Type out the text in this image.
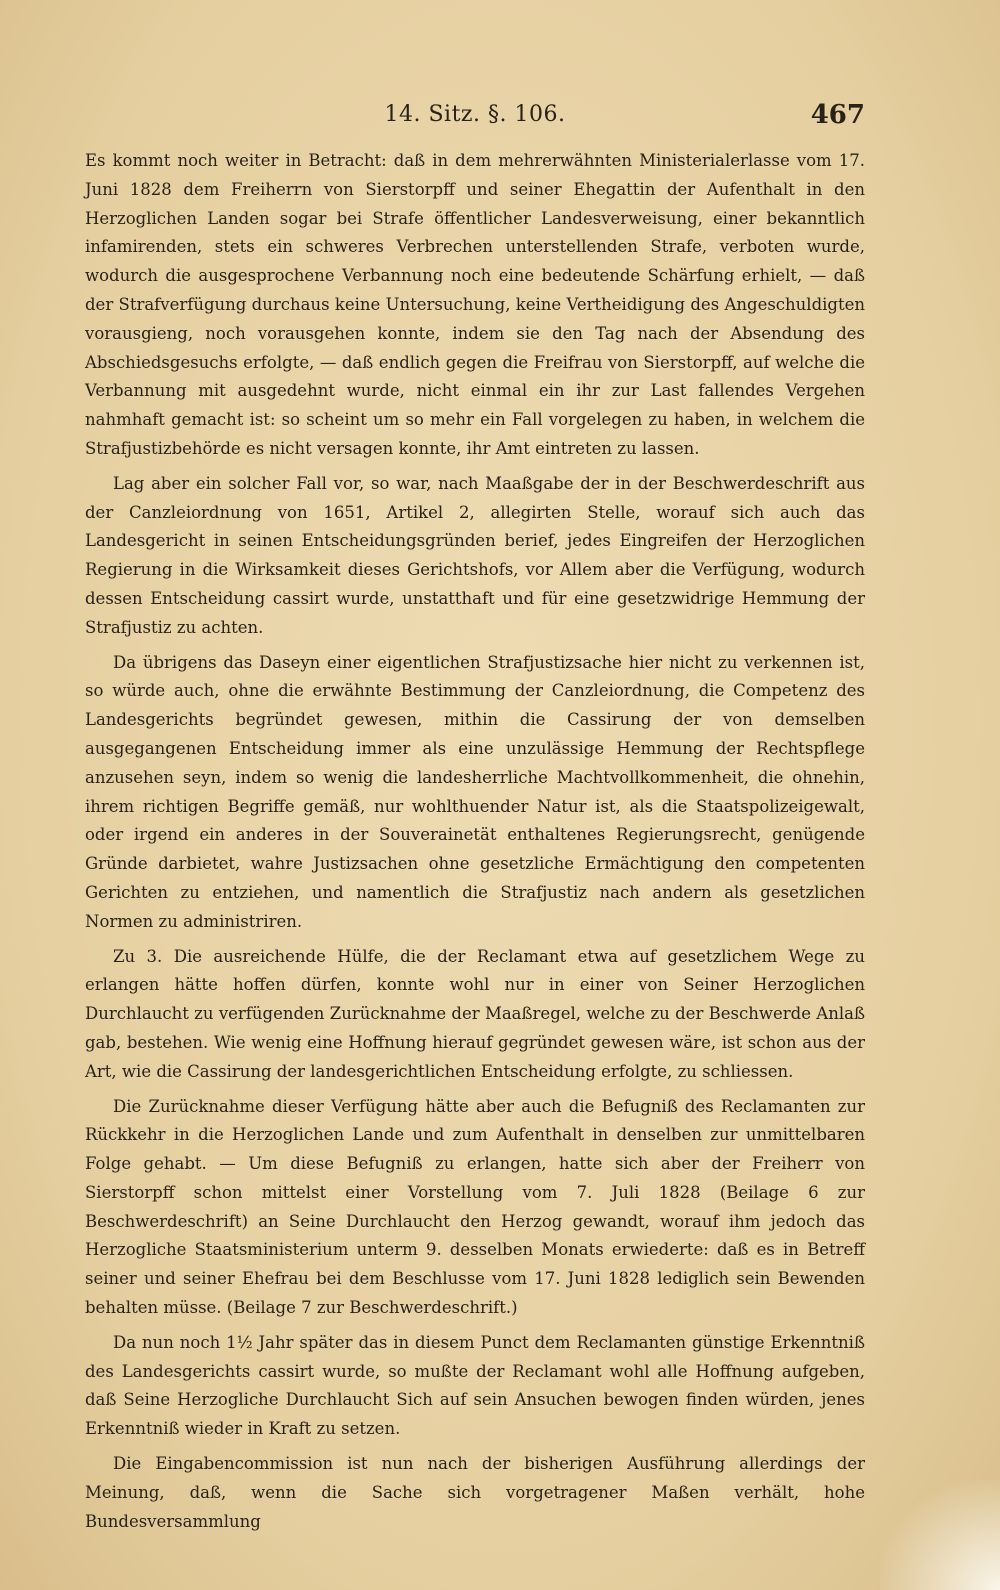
14. Sitz. §. 106.	467

Es kommt noch weiter in Betracht: daß in dem mehrerwähnten Ministerialerlasse vom 17. Juni 1828 dem Freiherrn von Sierstorpff und seiner Ehegattin der Aufenthalt in den Herzoglichen Landen sogar bei Strafe öffentlicher Landesverweisung, einer bekanntlich infamirenden, stets ein schweres Verbrechen unterstellenden Strafe, verboten wurde, wodurch die ausgesprochene Verbannung noch eine bedeutende Schärfung erhielt, — daß der Strafverfügung durchaus keine Untersuchung, keine Vertheidigung des Angeschuldigten vorausgieng, noch vorausgehen konnte, indem sie den Tag nach der Absendung des Abschiedsgesuchs erfolgte, — daß endlich gegen die Freifrau von Sierstorpff, auf welche die Verbannung mit ausgedehnt wurde, nicht einmal ein ihr zur Last fallendes Vergehen nahmhaft gemacht ist: so scheint um so mehr ein Fall vorgelegen zu haben, in welchem die Strafjustizbehörde es nicht versagen konnte, ihr Amt eintreten zu lassen.

Lag aber ein solcher Fall vor, so war, nach Maaßgabe der in der Beschwerdeschrift aus der Canzleiordnung von 1651, Artikel 2, allegirten Stelle, worauf sich auch das Landesgericht in seinen Entscheidungsgründen berief, jedes Eingreifen der Herzoglichen Regierung in die Wirksamkeit dieses Gerichtshofs, vor Allem aber die Verfügung, wodurch dessen Entscheidung cassirt wurde, unstatthaft und für eine gesetzwidrige Hemmung der Strafjustiz zu achten.

Da übrigens das Daseyn einer eigentlichen Strafjustizsache hier nicht zu verkennen ist, so würde auch, ohne die erwähnte Bestimmung der Canzleiordnung, die Competenz des Landesgerichts begründet gewesen, mithin die Cassirung der von demselben ausgegangenen Entscheidung immer als eine unzulässige Hemmung der Rechtspflege anzusehen seyn, indem so wenig die landesherrliche Machtvollkommenheit, die ohnehin, ihrem richtigen Begriffe gemäß, nur wohlthuender Natur ist, als die Staatspolizeigewalt, oder irgend ein anderes in der Souverainetät enthaltenes Regierungsrecht, genügende Gründe darbietet, wahre Justizsachen ohne gesetzliche Ermächtigung den competenten Gerichten zu entziehen, und namentlich die Strafjustiz nach andern als gesetzlichen Normen zu administriren.

Zu 3. Die ausreichende Hülfe, die der Reclamant etwa auf gesetzlichem Wege zu erlangen hätte hoffen dürfen, konnte wohl nur in einer von Seiner Herzoglichen Durchlaucht zu verfügenden Zurücknahme der Maaßregel, welche zu der Beschwerde Anlaß gab, bestehen. Wie wenig eine Hoffnung hierauf gegründet gewesen wäre, ist schon aus der Art, wie die Cassirung der landesgerichtlichen Entscheidung erfolgte, zu schliessen.

Die Zurücknahme dieser Verfügung hätte aber auch die Befugniß des Reclamanten zur Rückkehr in die Herzoglichen Lande und zum Aufenthalt in denselben zur unmittelbaren Folge gehabt. — Um diese Befugniß zu erlangen, hatte sich aber der Freiherr von Sierstorpff schon mittelst einer Vorstellung vom 7. Juli 1828 (Beilage 6 zur Beschwerdeschrift) an Seine Durchlaucht den Herzog gewandt, worauf ihm jedoch das Herzogliche Staatsministerium unterm 9. desselben Monats erwiederte: daß es in Betreff seiner und seiner Ehefrau bei dem Beschlusse vom 17. Juni 1828 lediglich sein Bewenden behalten müsse. (Beilage 7 zur Beschwerdeschrift.)

Da nun noch 1½ Jahr später das in diesem Punct dem Reclamanten günstige Erkenntniß des Landesgerichts cassirt wurde, so mußte der Reclamant wohl alle Hoffnung aufgeben, daß Seine Herzogliche Durchlaucht Sich auf sein Ansuchen bewogen finden würden, jenes Erkenntniß wieder in Kraft zu setzen.

Die Eingabencommission ist nun nach der bisherigen Ausführung allerdings der Meinung, daß, wenn die Sache sich vorgetragener Maßen verhält, hohe Bundesversammlung
